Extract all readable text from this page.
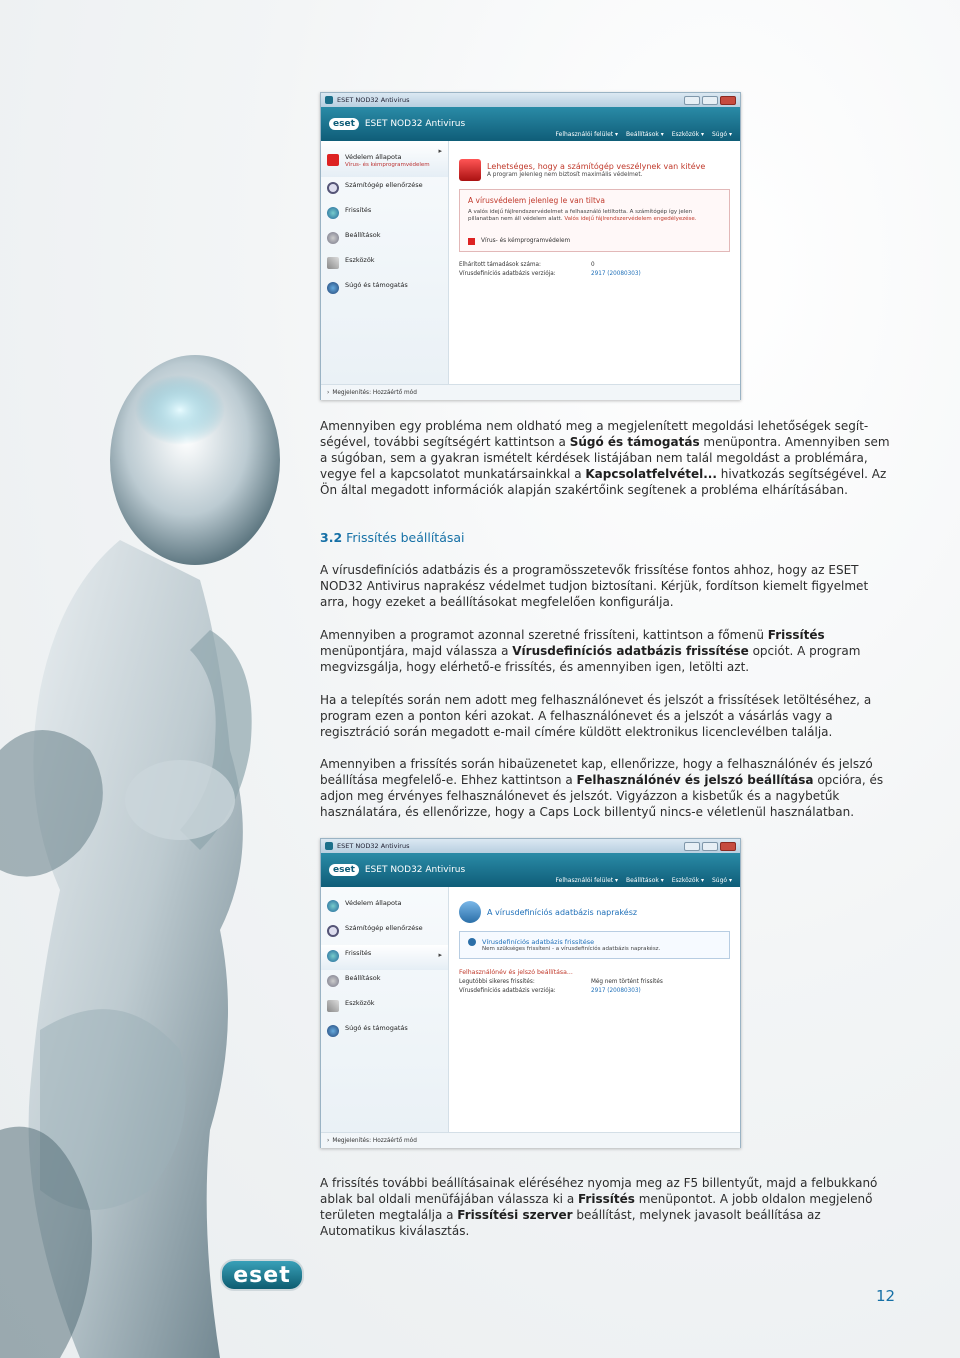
ESET NOD32 Antivirus
eset	ESET NOD32 Antivirus
Felhasználói felület ▾	Beállítások ▾	Eszközök ▾	Súgó ▾
Védelem állapota
Vírus- és kémprogramvédelem
▸
Számítógép ellenőrzése
Frissítés
Beállítások
Eszközök
Súgó és támogatás
Lehetséges, hogy a számítógép veszélynek van kitéve
A program jelenleg nem biztosít maximális védelmet.
A vírusvédelem jelenleg le van tiltva
A valós idejű fájlrendszervédelmet a felhasználó letiltotta. A számítógép így jelen pillanatban nem áll védelem alatt. Valós idejű fájlrendszervédelem engedélyezése.
Vírus- és kémprogramvédelem
Elhárított támadások száma:	0
Vírusdefiníciós adatbázis verziója:	2917 (20080303)
› Megjelenítés: Hozzáértő mód
Amennyiben egy probléma nem oldható meg a megjelenített megoldási lehetőségek segít-ségével, további segítségért kattintson a Súgó és támogatás menüpontra. Amennyiben sem a súgóban, sem a gyakran ismételt kérdések listájában nem talál megoldást a problémára, vegye fel a kapcsolatot munkatársainkkal a Kapcsolatfelvétel... hivatkozás segítségével. Az Ön által megadott információk alapján szakértőink segítenek a probléma elhárításában.
3.2 Frissítés beállításai
A vírusdefiníciós adatbázis és a programösszetevők frissítése fontos ahhoz, hogy az ESET NOD32 Antivirus naprakész védelmet tudjon biztosítani. Kérjük, fordítson kiemelt figyelmet arra, hogy ezeket a beállításokat megfelelően konfigurálja.
Amennyiben a programot azonnal szeretné frissíteni, kattintson a főmenü Frissítés menüpontjára, majd válassza a Vírusdefiníciós adatbázis frissítése opciót. A program megvizsgálja, hogy elérhető-e frissítés, és amennyiben igen, letölti azt.
Ha a telepítés során nem adott meg felhasználónevet és jelszót a frissítések letöltéséhez, a program ezen a ponton kéri azokat. A felhasználónevet és a jelszót a vásárlás vagy a regisztráció során megadott e-mail címére küldött elektronikus licenclevélben találja.
Amennyiben a frissítés során hibaüzenetet kap, ellenőrizze, hogy a felhasználónév és jelszó beállítása megfelelő-e. Ehhez kattintson a Felhasználónév és jelszó beállítása opcióra, és adjon meg érvényes felhasználónevet és jelszót. Vigyázzon a kisbetűk és a nagybetűk használatára, és ellenőrizze, hogy a Caps Lock billentyű nincs-e véletlenül használatban.
ESET NOD32 Antivirus
eset	ESET NOD32 Antivirus
Felhasználói felület ▾	Beállítások ▾	Eszközök ▾	Súgó ▾
Védelem állapota
Számítógép ellenőrzése
Frissítés	▸
Beállítások
Eszközök
Súgó és támogatás
A vírusdefiníciós adatbázis naprakész
Vírusdefiníciós adatbázis frissítése
Nem szükséges frissíteni - a vírusdefiníciós adatbázis naprakész.
Felhasználónév és jelszó beállítása...
Legutóbbi sikeres frissítés:	Még nem történt frissítés
Vírusdefiníciós adatbázis verziója:	2917 (20080303)
› Megjelenítés: Hozzáértő mód
A frissítés további beállításainak eléréséhez nyomja meg az F5 billentyűt, majd a felbukkanó ablak bal oldali menüfájában válassza ki a Frissítés menüpontot. A jobb oldalon megjelenő területen megtalálja a Frissítési szerver beállítást, melynek javasolt beállítása az Automatikus kiválasztás.
eset
12
